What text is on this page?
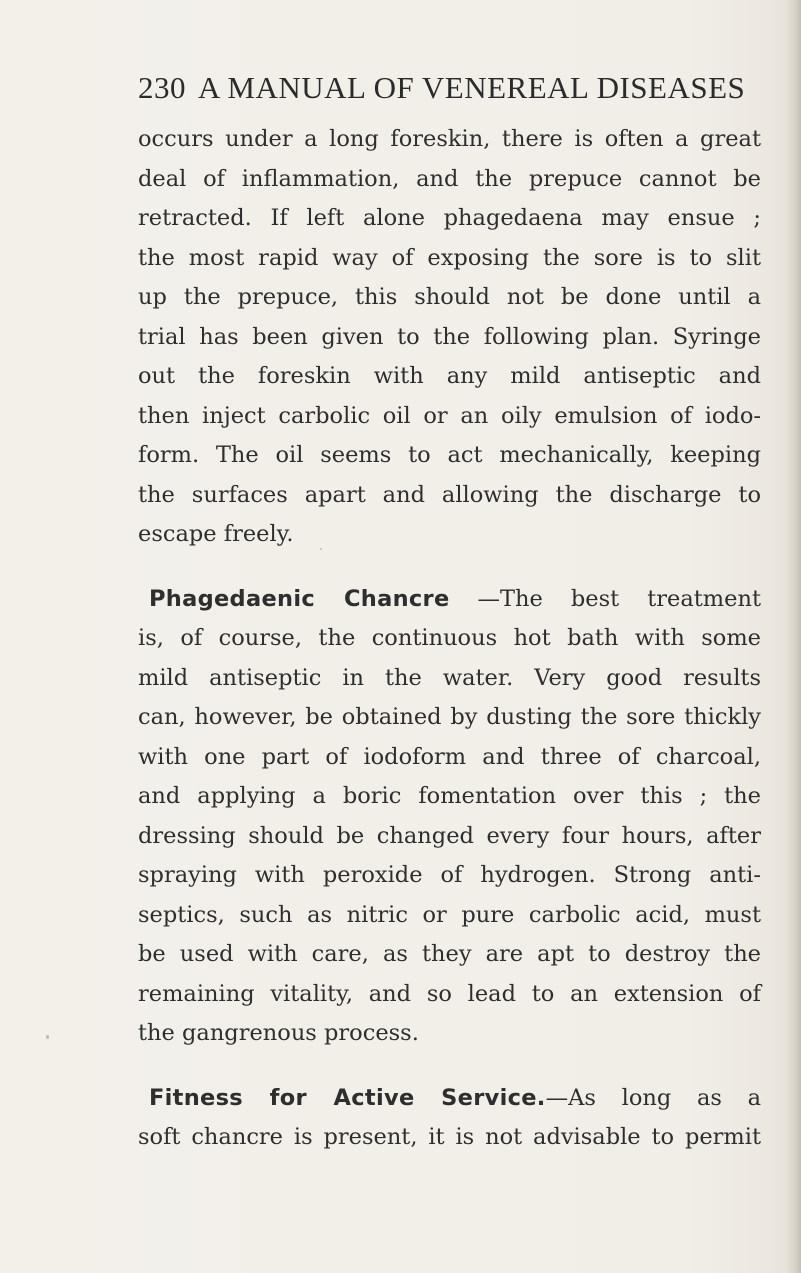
230 A MANUAL OF VENEREAL DISEASES
occurs under a long foreskin, there is often a great
deal of inflammation, and the prepuce cannot be
retracted. If left alone phagedaena may ensue ;
the most rapid way of exposing the sore is to slit
up the prepuce, this should not be done until a
trial has been given to the following plan. Syringe
out the foreskin with any mild antiseptic and
then inject carbolic oil or an oily emulsion of iodo-
form. The oil seems to act mechanically, keeping
the surfaces apart and allowing the discharge to
escape freely.
Phagedaenic Chancre —The best treatment
is, of course, the continuous hot bath with some
mild antiseptic in the water. Very good results
can, however, be obtained by dusting the sore thickly
with one part of iodoform and three of charcoal,
and applying a boric fomentation over this ; the
dressing should be changed every four hours, after
spraying with peroxide of hydrogen. Strong anti-
septics, such as nitric or pure carbolic acid, must
be used with care, as they are apt to destroy the
remaining vitality, and so lead to an extension of
the gangrenous process.
Fitness for Active Service.—As long as a
soft chancre is present, it is not advisable to permit
